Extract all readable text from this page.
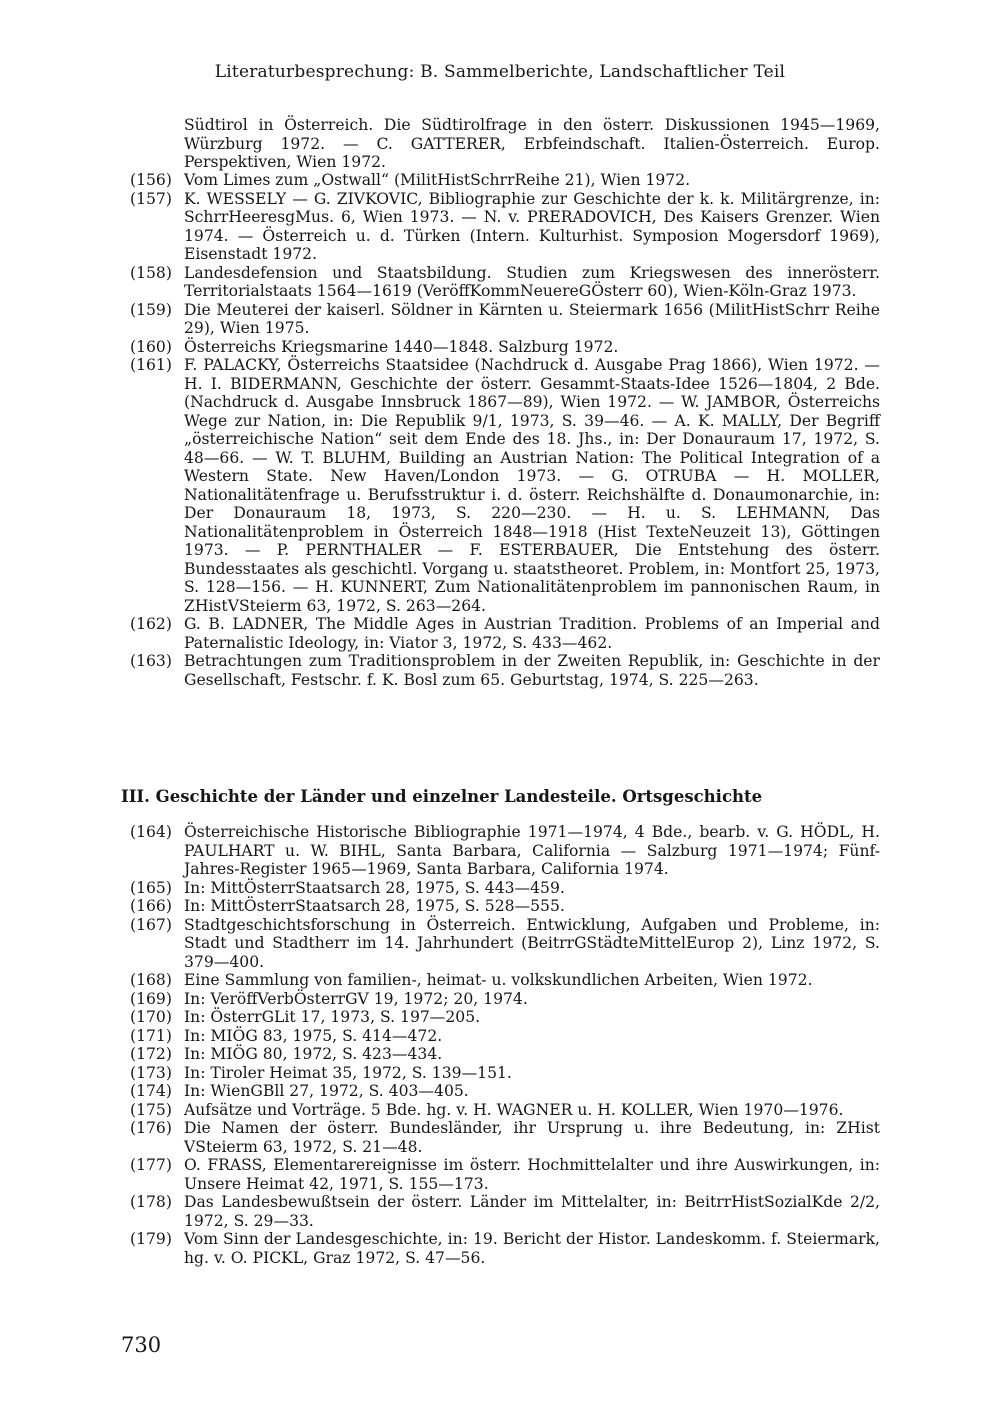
Literaturbesprechung: B. Sammelberichte, Landschaftlicher Teil
Südtirol in Österreich. Die Südtirolfrage in den österr. Diskussionen 1945—1969, Würzburg 1972. — C. GATTERER, Erbfeindschaft. Italien-Österreich. Europ. Perspektiven, Wien 1972.
(156) Vom Limes zum „Ostwall“ (MilitHistSchrrReihe 21), Wien 1972.
(157) K. WESSELY — G. ZIVKOVIC, Bibliographie zur Geschichte der k. k. Militärgrenze, in: SchrrHeeresgMus. 6, Wien 1973. — N. v. PRERADOVICH, Des Kaisers Grenzer. Wien 1974. — Österreich u. d. Türken (Intern. Kulturhist. Symposion Mogersdorf 1969), Eisenstadt 1972.
(158) Landesdefension und Staatsbildung. Studien zum Kriegswesen des innerösterr. Territorialstaats 1564—1619 (VeröffKommNeuereGÖsterr 60), Wien-Köln-Graz 1973.
(159) Die Meuterei der kaiserl. Söldner in Kärnten u. Steiermark 1656 (MilitHistSchrr Reihe 29), Wien 1975.
(160) Österreichs Kriegsmarine 1440—1848. Salzburg 1972.
(161) F. PALACKY, Österreichs Staatsidee (Nachdruck d. Ausgabe Prag 1866), Wien 1972. — H. I. BIDERMANN, Geschichte der österr. Gesammt-Staats-Idee 1526—1804, 2 Bde. (Nachdruck d. Ausgabe Innsbruck 1867—89), Wien 1972. — W. JAMBOR, Österreichs Wege zur Nation, in: Die Republik 9/1, 1973, S. 39—46. — A. K. MALLY, Der Begriff „österreichische Nation“ seit dem Ende des 18. Jhs., in: Der Donauraum 17, 1972, S. 48—66. — W. T. BLUHM, Building an Austrian Nation: The Political Integration of a Western State. New Haven/London 1973. — G. OTRUBA — H. MOLLER, Nationalitätenfrage u. Berufsstruktur i. d. österr. Reichshälfte d. Donaumonarchie, in: Der Donauraum 18, 1973, S. 220—230. — H. u. S. LEHMANN, Das Nationalitätenproblem in Österreich 1848—1918 (Hist TexteNeuzeit 13), Göttingen 1973. — P. PERNTHALER — F. ESTERBAUER, Die Entstehung des österr. Bundesstaates als geschichtl. Vorgang u. staatstheoret. Problem, in: Montfort 25, 1973, S. 128—156. — H. KUNNERT, Zum Nationalitätenproblem im pannonischen Raum, in ZHistVSteierm 63, 1972, S. 263—264.
(162) G. B. LADNER, The Middle Ages in Austrian Tradition. Problems of an Imperial and Paternalistic Ideology, in: Viator 3, 1972, S. 433—462.
(163) Betrachtungen zum Traditionsproblem in der Zweiten Republik, in: Geschichte in der Gesellschaft, Festschr. f. K. Bosl zum 65. Geburtstag, 1974, S. 225—263.
III. Geschichte der Länder und einzelner Landesteile. Ortsgeschichte
(164) Österreichische Historische Bibliographie 1971—1974, 4 Bde., bearb. v. G. HÖDL, H. PAULHART u. W. BIHL, Santa Barbara, California — Salzburg 1971—1974; Fünf-Jahres-Register 1965—1969, Santa Barbara, California 1974.
(165) In: MittÖsterrStaatsarch 28, 1975, S. 443—459.
(166) In: MittÖsterrStaatsarch 28, 1975, S. 528—555.
(167) Stadtgeschichtsforschung in Österreich. Entwicklung, Aufgaben und Probleme, in: Stadt und Stadtherr im 14. Jahrhundert (BeitrrGStädteMittelEurop 2), Linz 1972, S. 379—400.
(168) Eine Sammlung von familien-, heimat- u. volkskundlichen Arbeiten, Wien 1972.
(169) In: VeröffVerbÖsterrGV 19, 1972; 20, 1974.
(170) In: ÖsterrGLit 17, 1973, S. 197—205.
(171) In: MIÖG 83, 1975, S. 414—472.
(172) In: MIÖG 80, 1972, S. 423—434.
(173) In: Tiroler Heimat 35, 1972, S. 139—151.
(174) In: WienGBll 27, 1972, S. 403—405.
(175) Aufsätze und Vorträge. 5 Bde. hg. v. H. WAGNER u. H. KOLLER, Wien 1970—1976.
(176) Die Namen der österr. Bundesländer, ihr Ursprung u. ihre Bedeutung, in: ZHist VSteierm 63, 1972, S. 21—48.
(177) O. FRASS, Elementarereignisse im österr. Hochmittelalter und ihre Auswirkungen, in: Unsere Heimat 42, 1971, S. 155—173.
(178) Das Landesbewußtsein der österr. Länder im Mittelalter, in: BeitrrHistSozialKde 2/2, 1972, S. 29—33.
(179) Vom Sinn der Landesgeschichte, in: 19. Bericht der Histor. Landeskomm. f. Steiermark, hg. v. O. PICKL, Graz 1972, S. 47—56.
730
